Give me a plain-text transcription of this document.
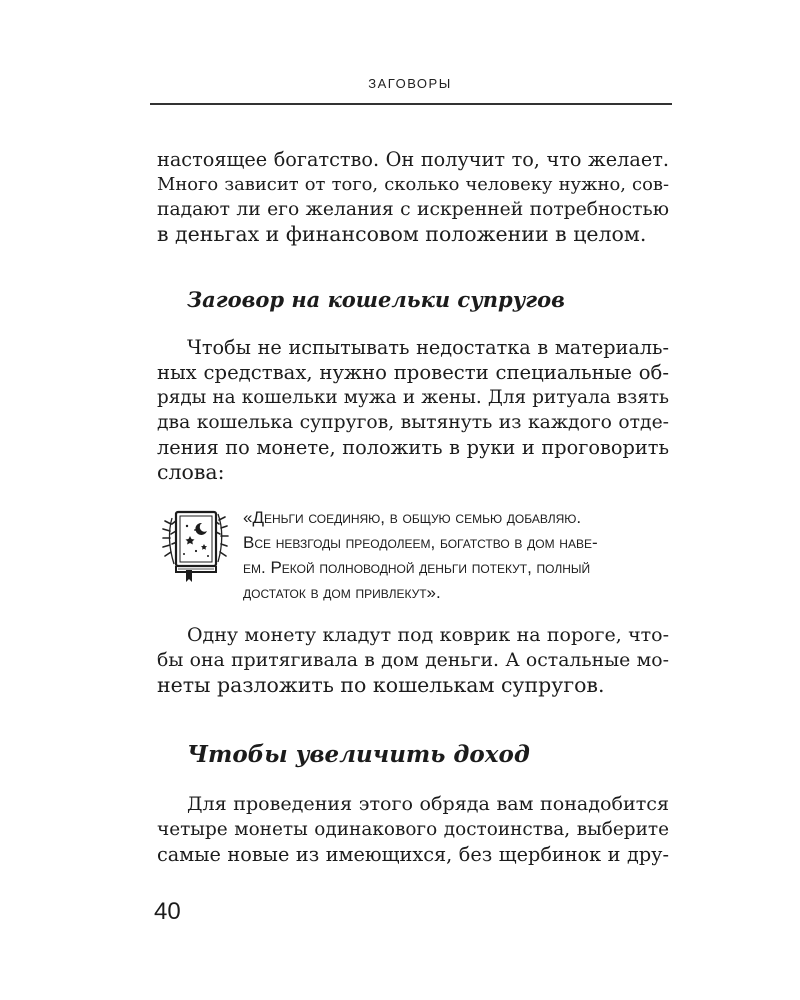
ЗАГОВОРЫ
настоящее богатство. Он получит то, что желает.
Много зависит от того, сколько человеку нужно, сов-
падают ли его желания с искренней потребностью
в деньгах и финансовом положении в целом.
Заговор на кошельки супругов
Чтобы не испытывать недостатка в материаль-
ных средствах, нужно провести специальные об-
ряды на кошельки мужа и жены. Для ритуала взять
два кошелька супругов, вытянуть из каждого отде-
ления по монете, положить в руки и проговорить
слова:
«Деньги соединяю, в общую семью добавляю.
Все невзгоды преодолеем, богатство в дом наве-
ем. Рекой полноводной деньги потекут, полный
достаток в дом привлекут».
Одну монету кладут под коврик на пороге, что-
бы она притягивала в дом деньги. А остальные мо-
неты разложить по кошелькам супругов.
Чтобы увеличить доход
Для проведения этого обряда вам понадобится
четыре монеты одинакового достоинства, выберите
самые новые из имеющихся, без щербинок и дру-
40
